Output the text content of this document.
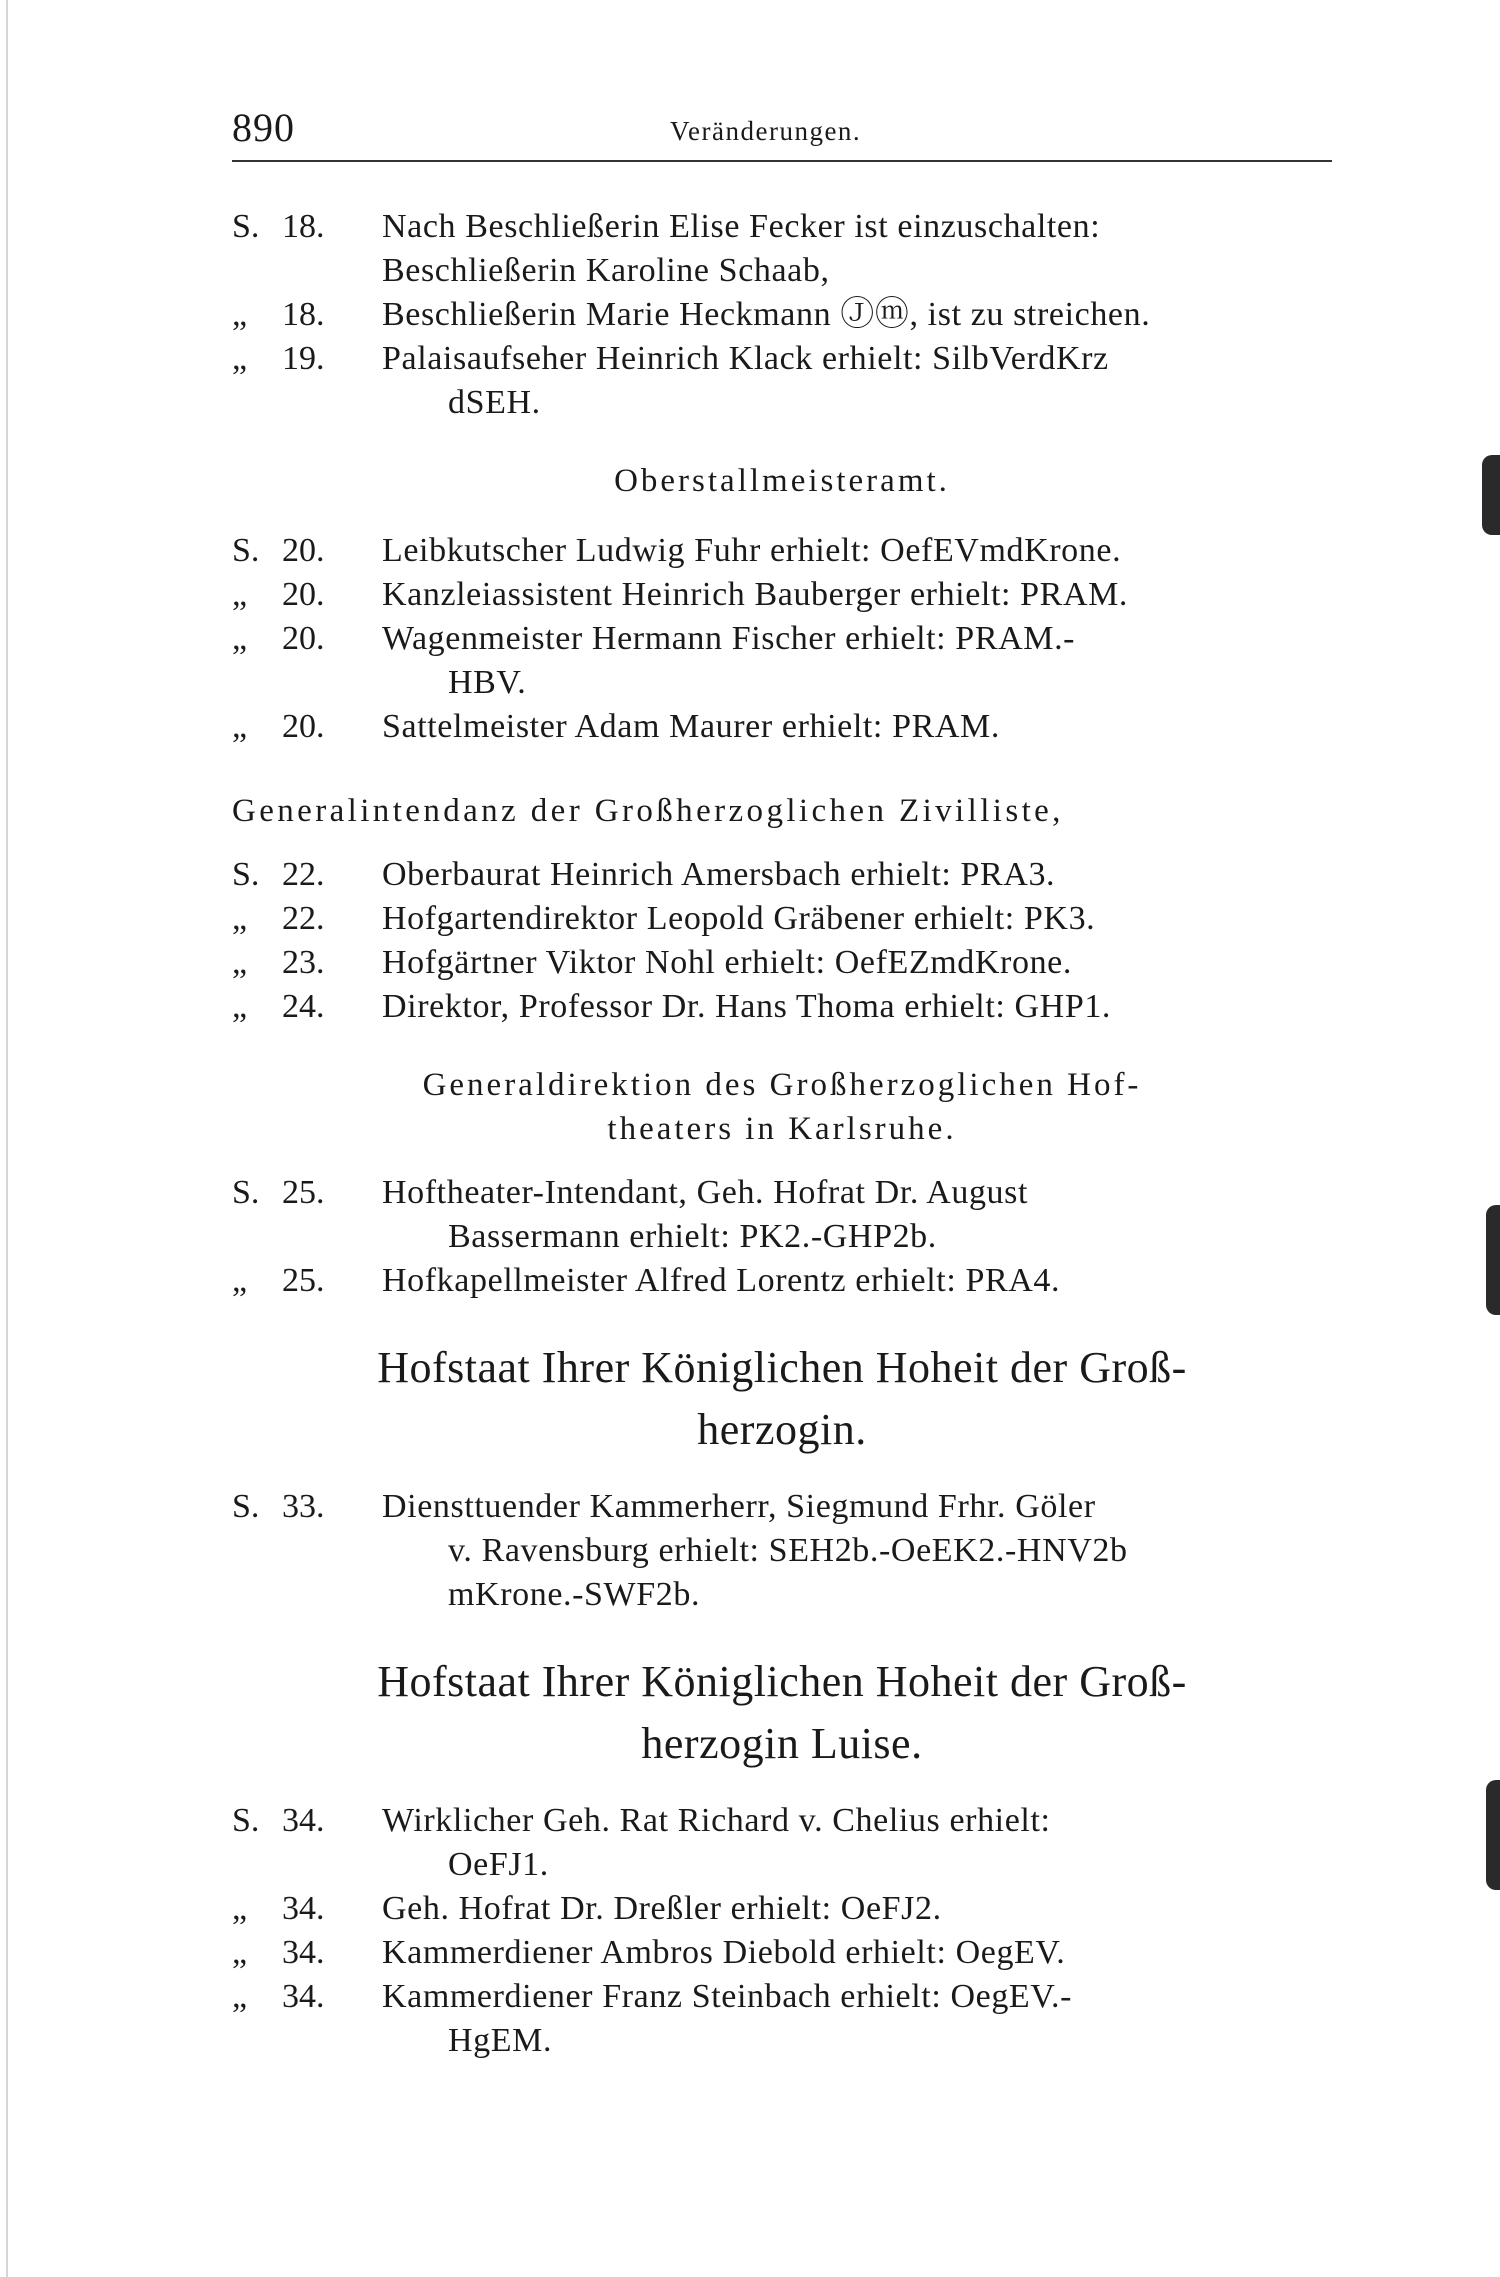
890	Veränderungen.
S. 18.	Nach Beschließerin Elise Fecker ist einzuschalten:
Beschließerin Karoline Schaab,
„ 18.	Beschließerin Marie Heckmann Ⓙⓜ, ist zu streichen.
„ 19.	Palaisaufseher Heinrich Klack erhielt: SilbVerdKrz
dSEH.
Oberstallmeisteramt.
S. 20.	Leibkutscher Ludwig Fuhr erhielt: OefEVmdKrone.
„ 20.	Kanzleiassistent Heinrich Bauberger erhielt: PRAM.
„ 20.	Wagenmeister Hermann Fischer erhielt: PRAM.-
HBV.
„ 20.	Sattelmeister Adam Maurer erhielt: PRAM.
Generalintendanz der Großherzoglichen Zivilliste,
S. 22.	Oberbaurat Heinrich Amersbach erhielt: PRA3.
„ 22.	Hofgartendirektor Leopold Gräbener erhielt: PK3.
„ 23.	Hofgärtner Viktor Nohl erhielt: OefEZmdKrone.
„ 24.	Direktor, Professor Dr. Hans Thoma erhielt: GHP1.
Generaldirektion des Großherzoglichen Hof-
theaters in Karlsruhe.
S. 25.	Hoftheater-Intendant, Geh. Hofrat Dr. August
Bassermann erhielt: PK2.-GHP2b.
„ 25.	Hofkapellmeister Alfred Lorentz erhielt: PRA4.
Hofstaat Ihrer Königlichen Hoheit der Groß-
herzogin.
S. 33.	Diensttuender Kammerherr, Siegmund Frhr. Göler
v. Ravensburg erhielt: SEH2b.-OeEK2.-HNV2b
mKrone.-SWF2b.
Hofstaat Ihrer Königlichen Hoheit der Groß-
herzogin Luise.
S. 34.	Wirklicher Geh. Rat Richard v. Chelius erhielt:
OeFJ1.
„ 34.	Geh. Hofrat Dr. Dreßler erhielt: OeFJ2.
„ 34.	Kammerdiener Ambros Diebold erhielt: OegEV.
„ 34.	Kammerdiener Franz Steinbach erhielt: OegEV.-
HgEM.
